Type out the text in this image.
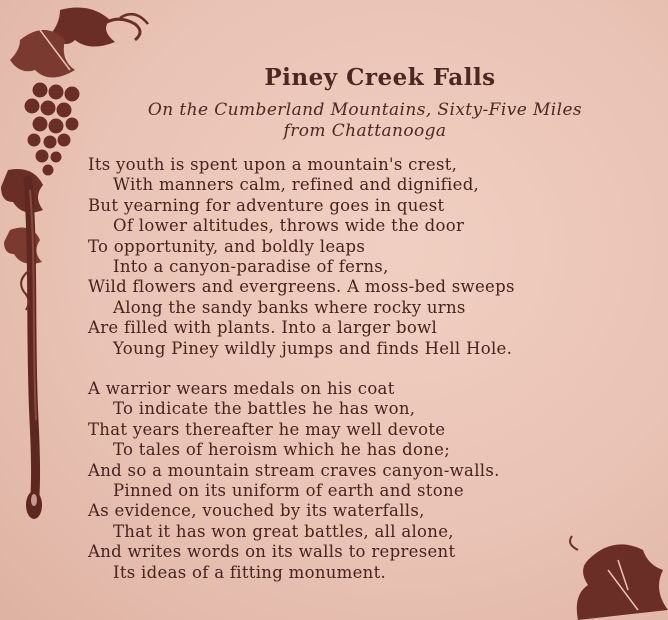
Piney Creek Falls
On the Cumberland Mountains, Sixty-Five Miles
from Chattanooga
Its youth is spent upon a mountain's crest,
With manners calm, refined and dignified,
But yearning for adventure goes in quest
Of lower altitudes, throws wide the door
To opportunity, and boldly leaps
Into a canyon-paradise of ferns,
Wild flowers and evergreens. A moss-bed sweeps
Along the sandy banks where rocky urns
Are filled with plants. Into a larger bowl
Young Piney wildly jumps and finds Hell Hole.
A warrior wears medals on his coat
To indicate the battles he has won,
That years thereafter he may well devote
To tales of heroism which he has done;
And so a mountain stream craves canyon-walls.
Pinned on its uniform of earth and stone
As evidence, vouched by its waterfalls,
That it has won great battles, all alone,
And writes words on its walls to represent
Its ideas of a fitting monument.
